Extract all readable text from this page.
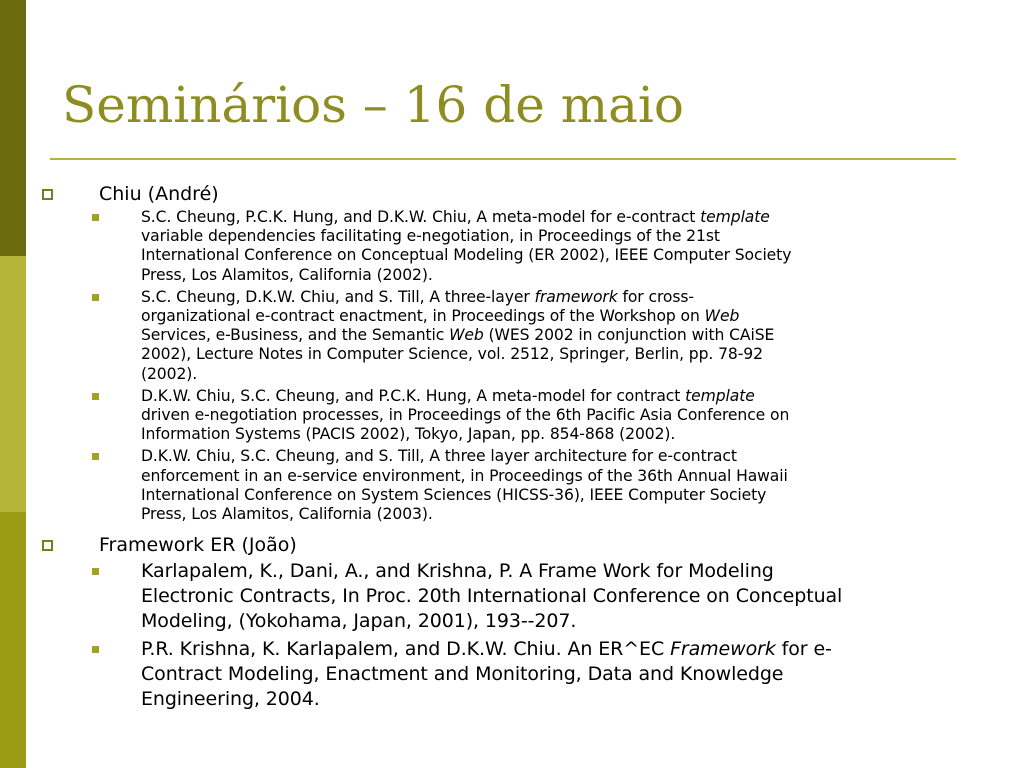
Seminários – 16 de maio
Chiu (André)
S.C. Cheung, P.C.K. Hung, and D.K.W. Chiu, A meta-model for e-contract template
variable dependencies facilitating e-negotiation, in Proceedings of the 21st
International Conference on Conceptual Modeling (ER 2002), IEEE Computer Society
Press, Los Alamitos, California (2002).
S.C. Cheung, D.K.W. Chiu, and S. Till, A three-layer framework for cross-
organizational e-contract enactment, in Proceedings of the Workshop on Web
Services, e-Business, and the Semantic Web (WES 2002 in conjunction with CAiSE
2002), Lecture Notes in Computer Science, vol. 2512, Springer, Berlin, pp. 78-92
(2002).
D.K.W. Chiu, S.C. Cheung, and P.C.K. Hung, A meta-model for contract template
driven e-negotiation processes, in Proceedings of the 6th Pacific Asia Conference on
Information Systems (PACIS 2002), Tokyo, Japan, pp. 854-868 (2002).
D.K.W. Chiu, S.C. Cheung, and S. Till, A three layer architecture for e-contract
enforcement in an e-service environment, in Proceedings of the 36th Annual Hawaii
International Conference on System Sciences (HICSS-36), IEEE Computer Society
Press, Los Alamitos, California (2003).
Framework ER (João)
Karlapalem, K., Dani, A., and Krishna, P. A Frame Work for Modeling
Electronic Contracts, In Proc. 20th International Conference on Conceptual
Modeling, (Yokohama, Japan, 2001), 193--207.
P.R. Krishna, K. Karlapalem, and D.K.W. Chiu. An ER^EC Framework for e-
Contract Modeling, Enactment and Monitoring, Data and Knowledge
Engineering, 2004.
